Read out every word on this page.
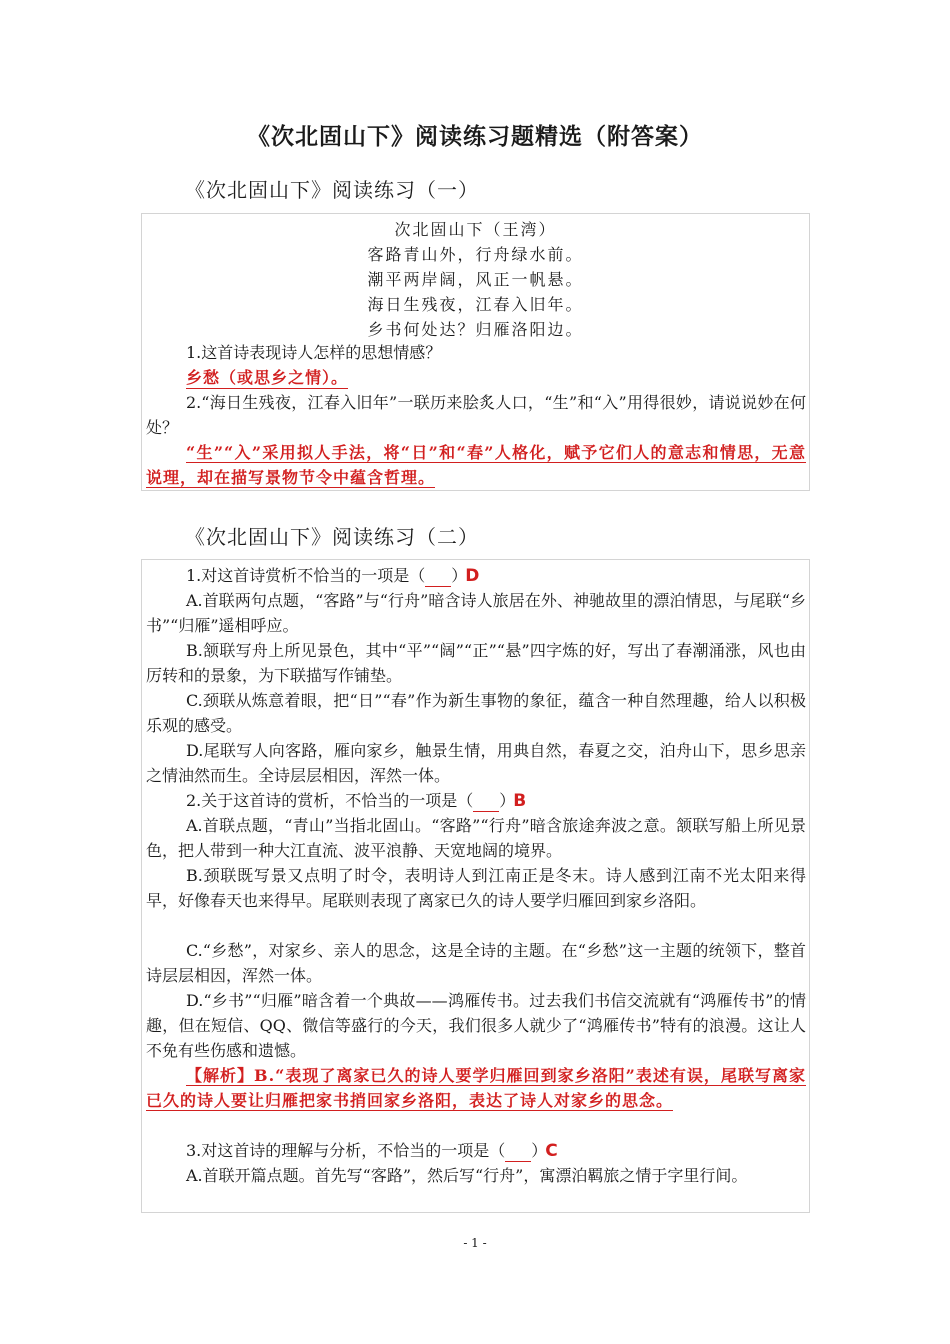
《次北固山下》阅读练习题精选（附答案）
《次北固山下》阅读练习（一）
次北固山下（王湾）
客路青山外，行舟绿水前。
潮平两岸阔，风正一帆悬。
海日生残夜，江春入旧年。
乡书何处达？归雁洛阳边。
1.这首诗表现诗人怎样的思想情感？
乡愁（或思乡之情）。
2.“海日生残夜，江春入旧年”一联历来脍炙人口，“生”和“入”用得很妙，请说说妙在何处？
“生”“入”采用拟人手法，将“日”和“春”人格化，赋予它们人的意志和情思，无意说理，却在描写景物节令中蕴含哲理。
《次北固山下》阅读练习（二）
1.对这首诗赏析不恰当的一项是（ D）
A.首联两句点题，“客路”与“行舟”暗含诗人旅居在外、神驰故里的漂泊情思，与尾联“乡书”“归雁”遥相呼应。
B.颔联写舟上所见景色，其中“平”“阔”“正”“悬”四字炼的好，写出了春潮涌涨，风也由厉转和的景象，为下联描写作铺垫。
C.颈联从炼意着眼，把“日”“春”作为新生事物的象征，蕴含一种自然理趣，给人以积极乐观的感受。
D.尾联写人向客路，雁向家乡，触景生情，用典自然，春夏之交，泊舟山下，思乡思亲之情油然而生。全诗层层相因，浑然一体。
2.关于这首诗的赏析，不恰当的一项是（ B）
A.首联点题，“青山”当指北固山。“客路”“行舟”暗含旅途奔波之意。颔联写船上所见景色，把人带到一种大江直流、波平浪静、天宽地阔的境界。
B.颈联既写景又点明了时令，表明诗人到江南正是冬末。诗人感到江南不光太阳来得早，好像春天也来得早。尾联则表现了离家已久的诗人要学归雁回到家乡洛阳。
C.“乡愁”，对家乡、亲人的思念，这是全诗的主题。在“乡愁”这一主题的统领下，整首诗层层相因，浑然一体。
D.“乡书”“归雁”暗含着一个典故——鸿雁传书。过去我们书信交流就有“鸿雁传书”的情趣，但在短信、QQ、微信等盛行的今天，我们很多人就少了“鸿雁传书”特有的浪漫。这让人不免有些伤感和遗憾。
【解析】B.“表现了离家已久的诗人要学归雁回到家乡洛阳”表述有误，尾联写离家已久的诗人要让归雁把家书捎回家乡洛阳，表达了诗人对家乡的思念。
3.对这首诗的理解与分析，不恰当的一项是（ C）
A.首联开篇点题。首先写“客路”，然后写“行舟”，寓漂泊羁旅之情于字里行间。
- 1 -
